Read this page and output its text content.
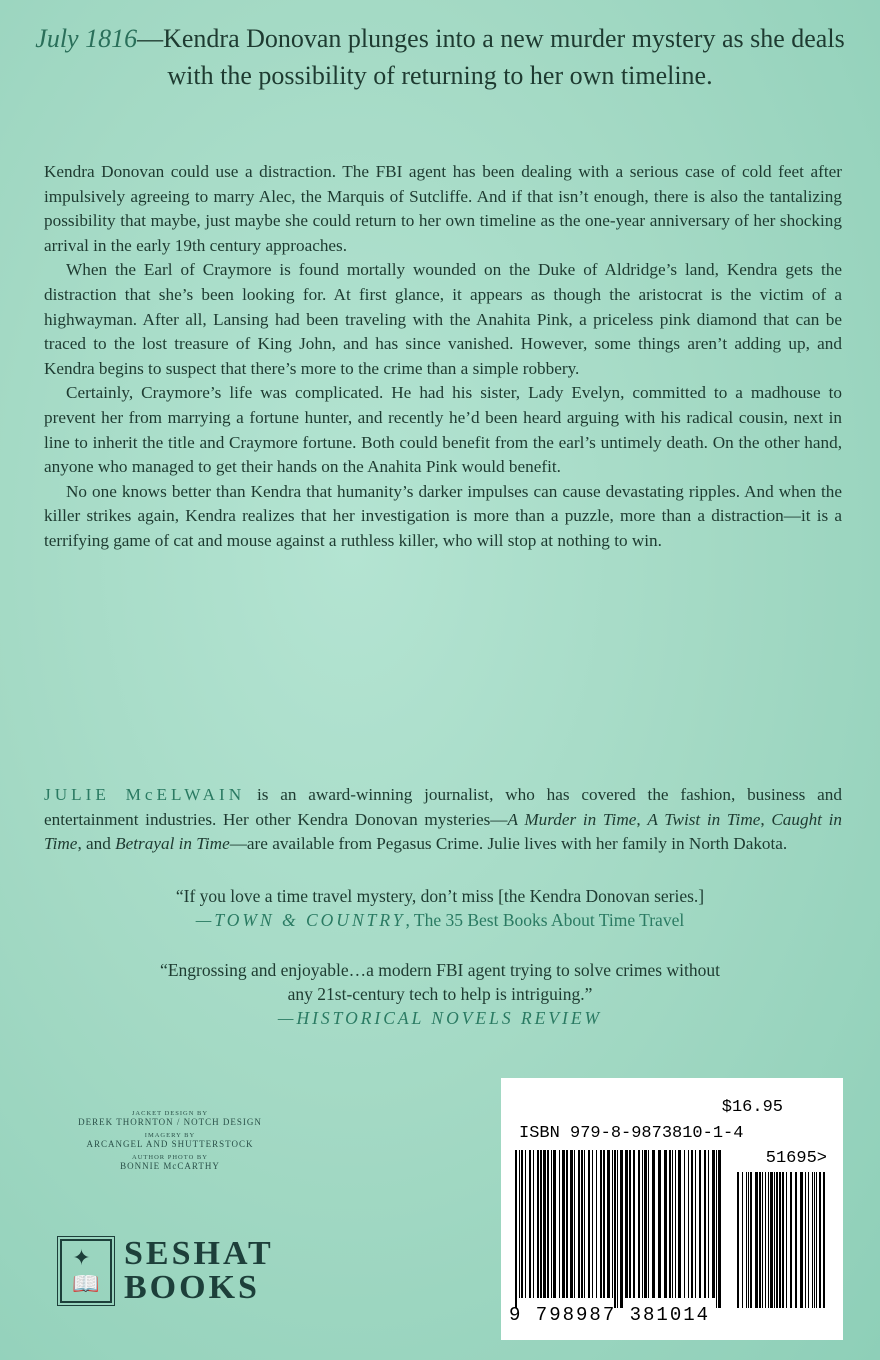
July 1816—Kendra Donovan plunges into a new murder mystery as she deals with the possibility of returning to her own timeline.

Kendra Donovan could use a distraction. The FBI agent has been dealing with a serious case of cold feet after impulsively agreeing to marry Alec, the Marquis of Sutcliffe. And if that isn’t enough, there is also the tantalizing possibility that maybe, just maybe she could return to her own timeline as the one-year anniversary of her shocking arrival in the early 19th century approaches.

When the Earl of Craymore is found mortally wounded on the Duke of Aldridge’s land, Kendra gets the distraction that she’s been looking for. At first glance, it appears as though the aristocrat is the victim of a highwayman. After all, Lansing had been traveling with the Anahita Pink, a priceless pink diamond that can be traced to the lost treasure of King John, and has since vanished. However, some things aren’t adding up, and Kendra begins to suspect that there’s more to the crime than a simple robbery.

Certainly, Craymore’s life was complicated. He had his sister, Lady Evelyn, committed to a madhouse to prevent her from marrying a fortune hunter, and recently he’d been heard arguing with his radical cousin, next in line to inherit the title and Craymore fortune. Both could benefit from the earl’s untimely death. On the other hand, anyone who managed to get their hands on the Anahita Pink would benefit.

No one knows better than Kendra that humanity’s darker impulses can cause devastating ripples. And when the killer strikes again, Kendra realizes that her investigation is more than a puzzle, more than a distraction—it is a terrifying game of cat and mouse against a ruthless killer, who will stop at nothing to win.

JULIE McELWAIN is an award-winning journalist, who has covered the fashion, business and entertainment industries. Her other Kendra Donovan mysteries—A Murder in Time, A Twist in Time, Caught in Time, and Betrayal in Time—are available from Pegasus Crime. Julie lives with her family in North Dakota.
“If you love a time travel mystery, don’t miss [the Kendra Donovan series.]
—TOWN & COUNTRY, The 35 Best Books About Time Travel
“Engrossing and enjoyable…a modern FBI agent trying to solve crimes without any 21st-century tech to help is intriguing.”
—HISTORICAL NOVELS REVIEW
JACKET DESIGN BY
DEREK THORNTON / NOTCH DESIGN
IMAGERY BY
ARCANGEL AND SHUTTERSTOCK
AUTHOR PHOTO BY
BONNIE McCARTHY
✦
📖
SESHAT
BOOKS
$16.95
ISBN 979-8-9873810-1-4
51695>
9 798987 381014
